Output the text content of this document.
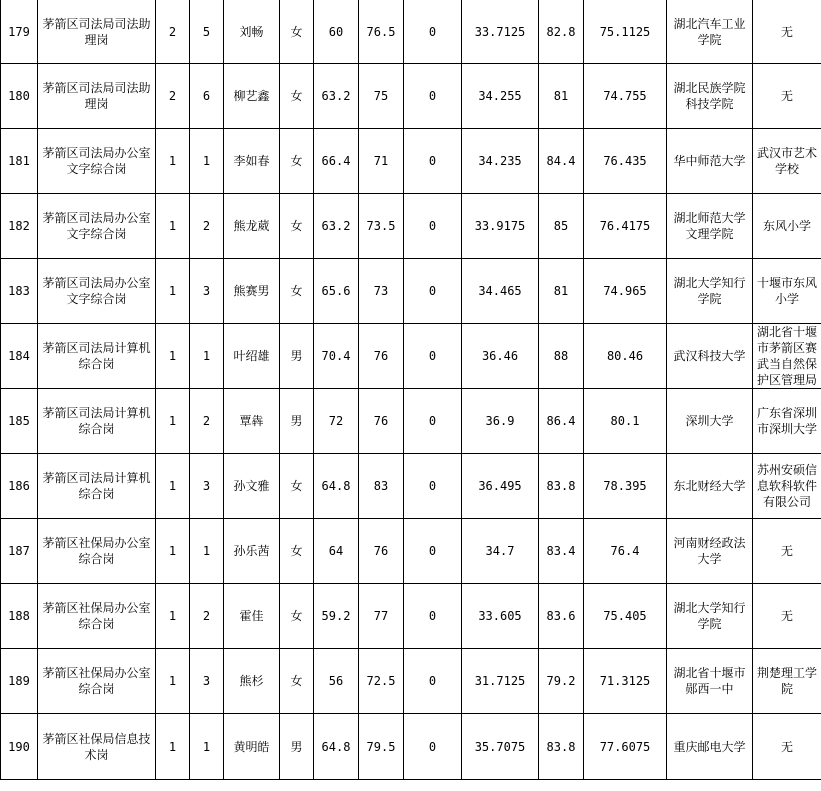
179	茅箭区司法局司法助理岗	2	5	刘畅	女	60	76.5	0	33.7125	82.8	75.1125	湖北汽车工业学院	无
180	茅箭区司法局司法助理岗	2	6	柳艺鑫	女	63.2	75	0	34.255	81	74.755	湖北民族学院科技学院	无
181	茅箭区司法局办公室文字综合岗	1	1	李如春	女	66.4	71	0	34.235	84.4	76.435	华中师范大学	武汉市艺术学校
182	茅箭区司法局办公室文字综合岗	1	2	熊龙葳	女	63.2	73.5	0	33.9175	85	76.4175	湖北师范大学文理学院	东风小学
183	茅箭区司法局办公室文字综合岗	1	3	熊赛男	女	65.6	73	0	34.465	81	74.965	湖北大学知行学院	十堰市东风小学
184	茅箭区司法局计算机综合岗	1	1	叶绍雄	男	70.4	76	0	36.46	88	80.46	武汉科技大学	湖北省十堰市茅箭区赛武当自然保护区管理局
185	茅箭区司法局计算机综合岗	1	2	覃犇	男	72	76	0	36.9	86.4	80.1	深圳大学	广东省深圳市深圳大学
186	茅箭区司法局计算机综合岗	1	3	孙文雅	女	64.8	83	0	36.495	83.8	78.395	东北财经大学	苏州安硕信息软科软件有限公司
187	茅箭区社保局办公室综合岗	1	1	孙乐茜	女	64	76	0	34.7	83.4	76.4	河南财经政法大学	无
188	茅箭区社保局办公室综合岗	1	2	霍佳	女	59.2	77	0	33.605	83.6	75.405	湖北大学知行学院	无
189	茅箭区社保局办公室综合岗	1	3	熊杉	女	56	72.5	0	31.7125	79.2	71.3125	湖北省十堰市郧西一中	荆楚理工学院
190	茅箭区社保局信息技术岗	1	1	黄明皓	男	64.8	79.5	0	35.7075	83.8	77.6075	重庆邮电大学	无
